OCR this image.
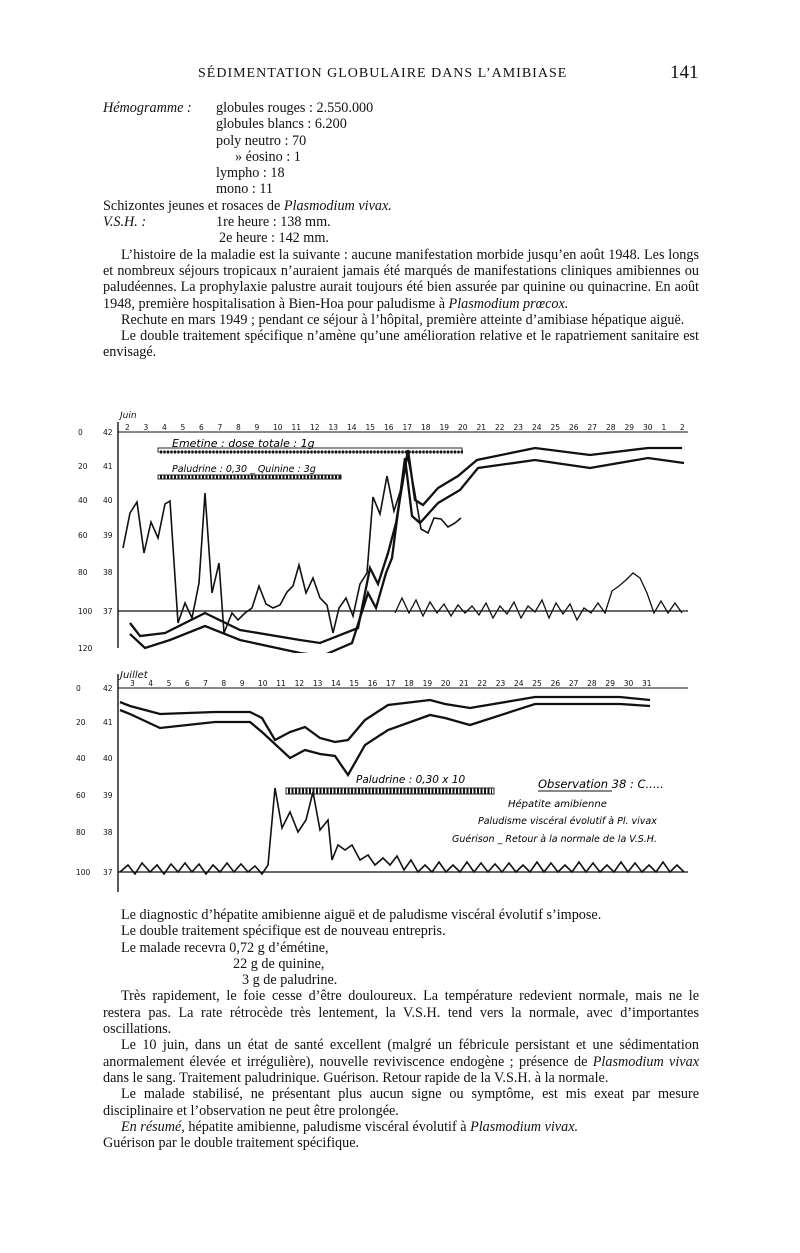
SÉDIMENTATION GLOBULAIRE DANS L’AMIBIASE	141
Hémogramme :	globules rouges : 2.550.000

globules blancs : 6.200

poly neutro : 70

» éosino : 1

lympho : 18

mono : 11

Schizontes jeunes et rosaces de Plasmodium vivax.

V.S.H. :	1re heure : 138 mm.

2e heure : 142 mm.

L’histoire de la maladie est la suivante : aucune manifestation morbide jusqu’en août 1948. Les longs et nombreux séjours tropicaux n’auraient jamais été marqués de manifestations cliniques amibiennes ou paludéennes. La prophylaxie palustre aurait toujours été bien assurée par quinine ou quinacrine. En août 1948, première hospitalisation à Bien-Hoa pour paludisme à Plasmodium prœcox.

Rechute en mars 1949 ; pendant ce séjour à l’hôpital, première atteinte d’amibiase hépatique aiguë.

Le double traitement spécifique n’amène qu’une amélioration relative et le rapatriement sanitaire est envisagé.

Juin
2 3 4 5 6 7 8 9 10 11 12 13 14 15 16 17 18 19 20 21 22 23 24 25 26 27 28 29 30 1 2
42
41
40
39
38
37
0
20
40
60
80
100
120
Emetine : dose totale : 1g
Paludrine : 0,30 _ Quinine : 3g
Juillet
3 4 5 6 7 8 9 10 11 12 13 14 15 16 17 18 19 20 21 22 23 24 25 26 27 28 29 30 31
42
41
40
39
38
37
0
20
40
60
80
100
Paludrine : 0,30 x 10	Observation 38 : C.....
Hépatite amibienne
Paludisme viscéral évolutif à Pl. vivax
Guérison _ Retour à la normale de la V.S.H.

Le diagnostic d’hépatite amibienne aiguë et de paludisme viscéral évolutif s’impose.

Le double traitement spécifique est de nouveau entrepris.

Le malade recevra 0,72 g d’émétine,

22 g de quinine,

3 g de paludrine.

Très rapidement, le foie cesse d’être douloureux. La température redevient normale, mais ne le restera pas. La rate rétrocède très lentement, la V.S.H. tend vers la normale, avec d’importantes oscillations.

Le 10 juin, dans un état de santé excellent (malgré un fébricule persistant et une sédimentation anormalement élevée et irrégulière), nouvelle reviviscence endogène ; présence de Plasmodium vivax dans le sang. Traitement paludrinique. Guérison. Retour rapide de la V.S.H. à la normale.

Le malade stabilisé, ne présentant plus aucun signe ou symptôme, est mis exeat par mesure disciplinaire et l’observation ne peut être prolongée.

En résumé, hépatite amibienne, paludisme viscéral évolutif à Plasmodium vivax.

Guérison par le double traitement spécifique.
